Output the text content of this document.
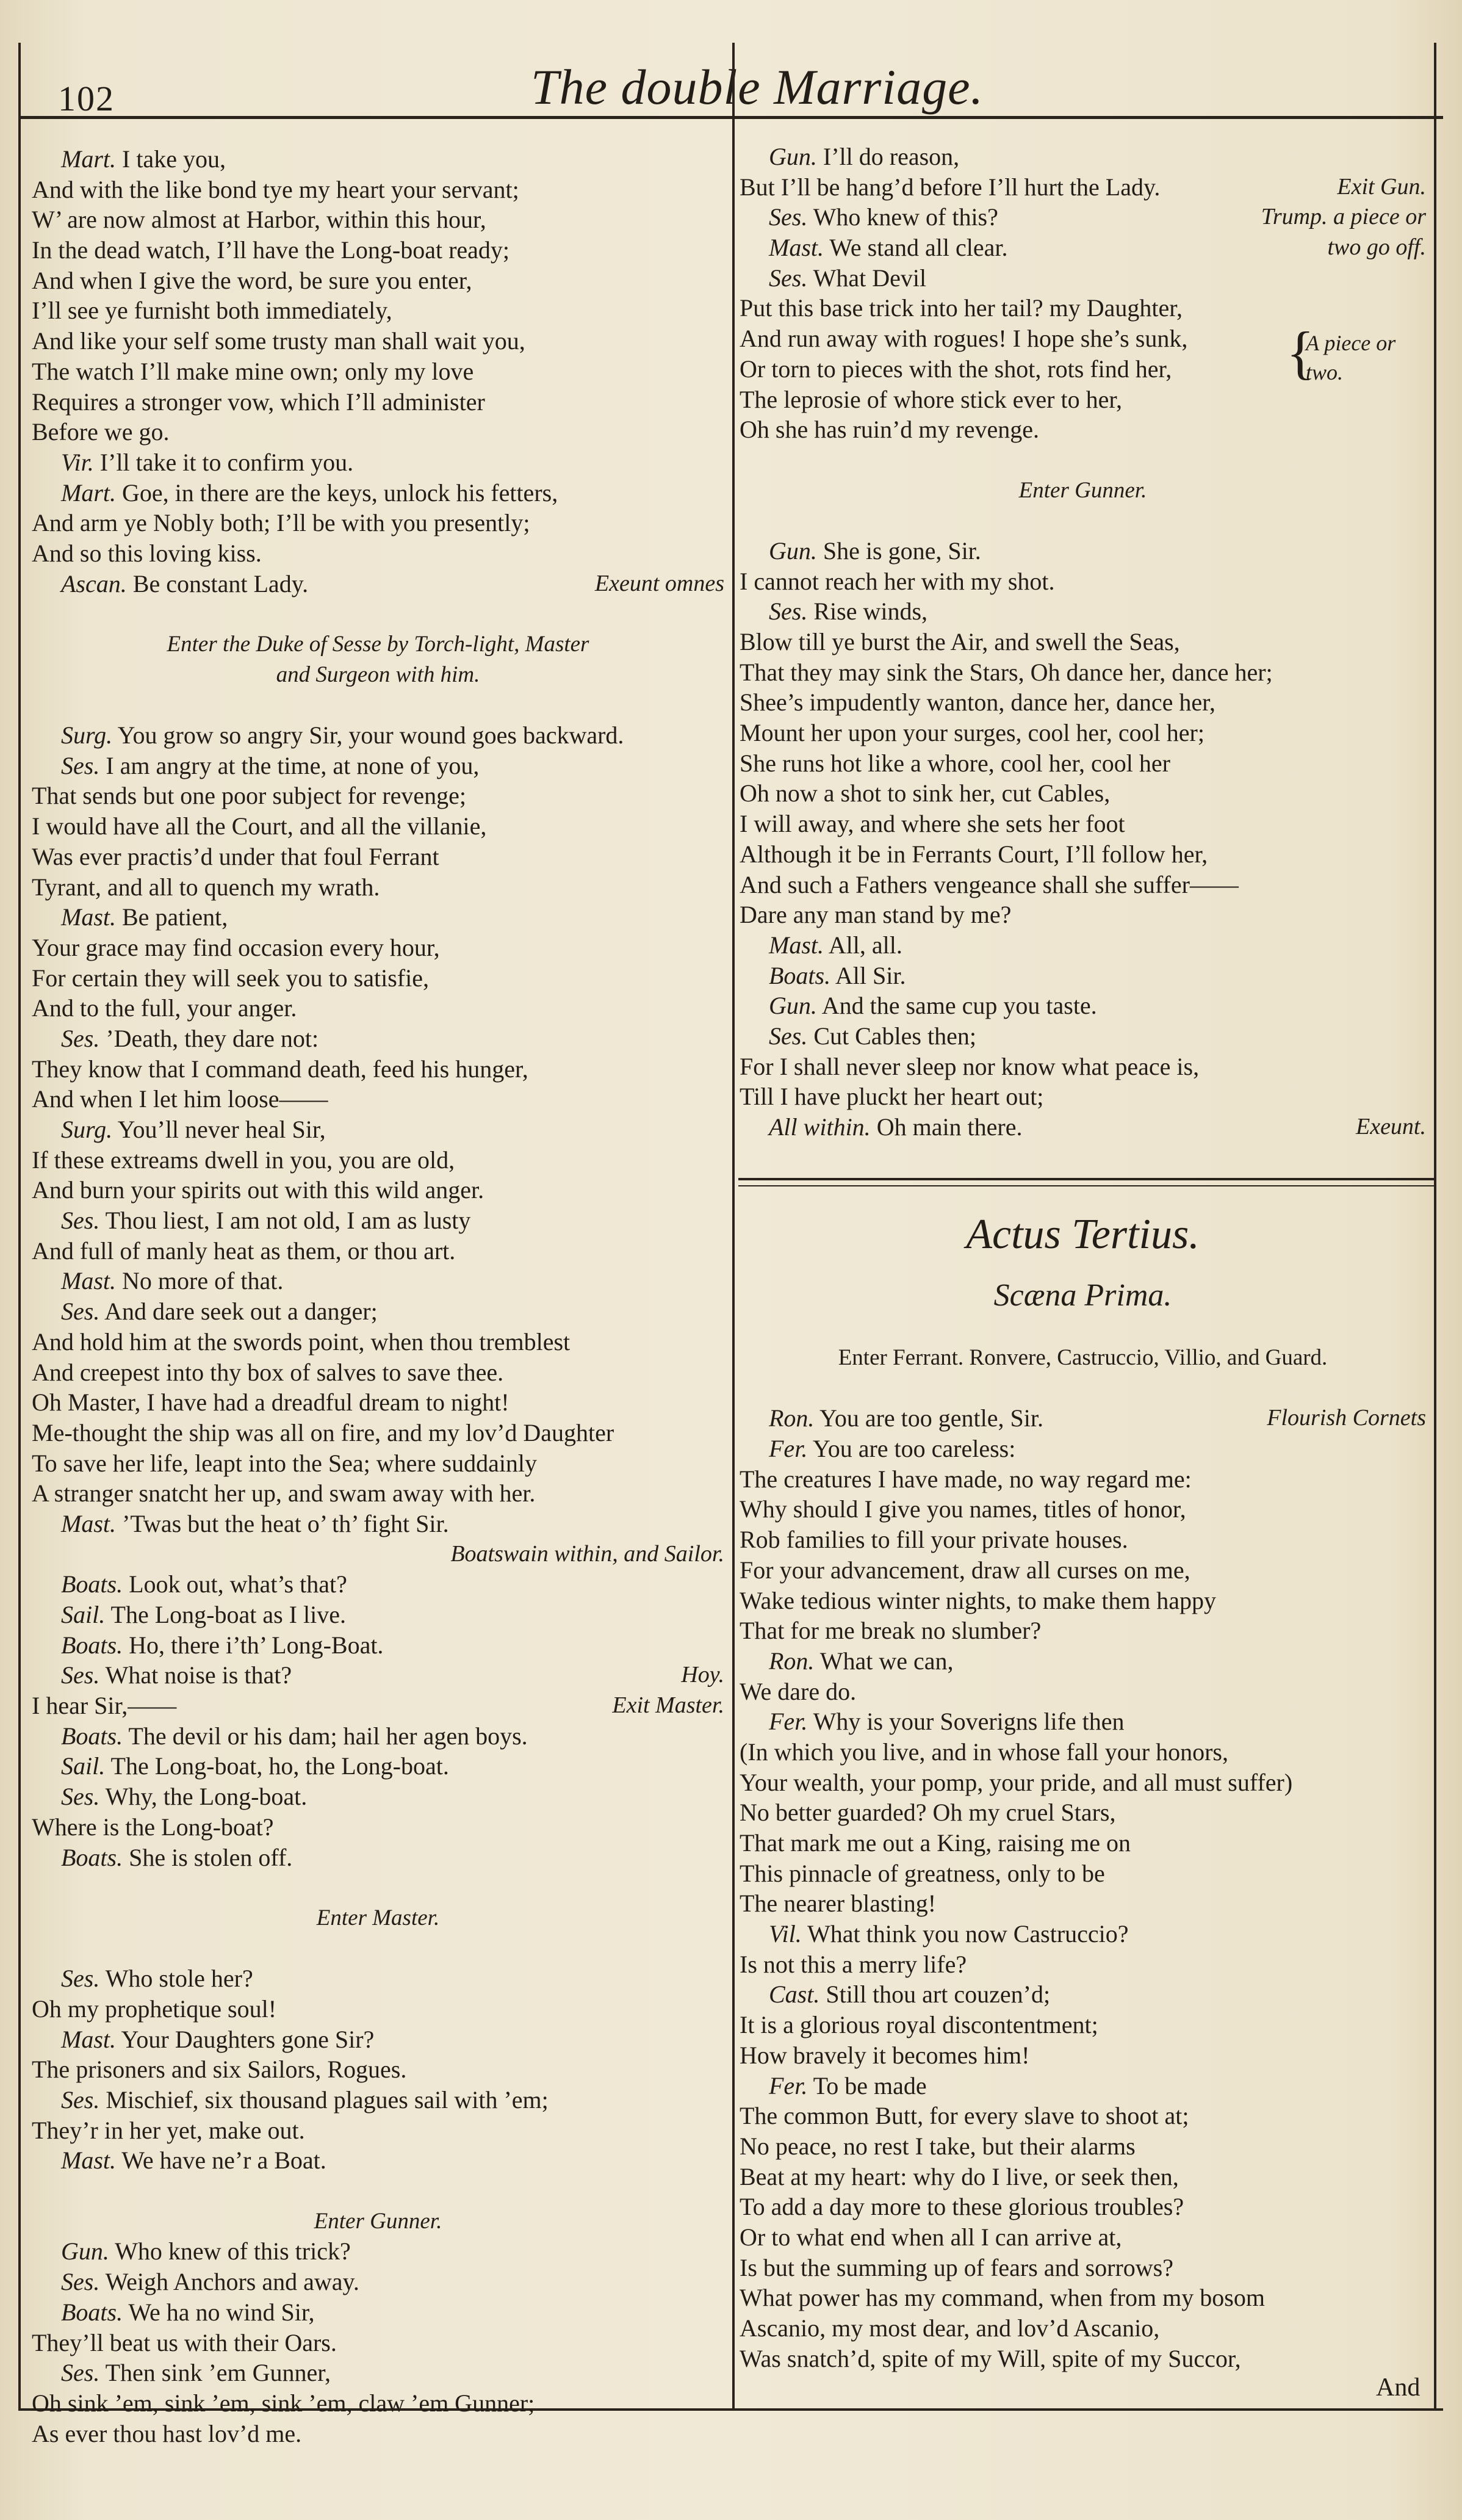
102	The double Marriage.
Mart. I take you,
And with the like bond tye my heart your servant;
W’ are now almost at Harbor, within this hour,
In the dead watch, I’ll have the Long-boat ready;
And when I give the word, be sure you enter,
I’ll see ye furnisht both immediately,
And like your self some trusty man shall wait you,
The watch I’ll make mine own; only my love
Requires a stronger vow, which I’ll administer
Before we go.
Vir. I’ll take it to confirm you.
Mart. Goe, in there are the keys, unlock his fetters,
And arm ye Nobly both; I’ll be with you presently;
And so this loving kiss.
Ascan. Be constant Lady.	Exeunt omnes
Enter the Duke of Sesse by Torch-light, Master
and Surgeon with him.
Surg. You grow so angry Sir, your wound goes backward.
Ses. I am angry at the time, at none of you,
That sends but one poor subject for revenge;
I would have all the Court, and all the villanie,
Was ever practis’d under that foul Ferrant
Tyrant, and all to quench my wrath.
Mast. Be patient,
Your grace may find occasion every hour,
For certain they will seek you to satisfie,
And to the full, your anger.
Ses. ’Death, they dare not:
They know that I command death, feed his hunger,
And when I let him loose——
Surg. You’ll never heal Sir,
If these extreams dwell in you, you are old,
And burn your spirits out with this wild anger.
Ses. Thou liest, I am not old, I am as lusty
And full of manly heat as them, or thou art.
Mast. No more of that.
Ses. And dare seek out a danger;
And hold him at the swords point, when thou tremblest
And creepest into thy box of salves to save thee.
Oh Master, I have had a dreadful dream to night!
Me-thought the ship was all on fire, and my lov’d Daughter
To save her life, leapt into the Sea; where suddainly
A stranger snatcht her up, and swam away with her.
Mast. ’Twas but the heat o’ th’ fight Sir.
Boatswain within, and Sailor.
Boats. Look out, what’s that?
Sail. The Long-boat as I live.
Boats. Ho, there i’th’ Long-Boat.
Ses. What noise is that?	Hoy.
I hear Sir,——	Exit Master.
Boats. The devil or his dam; hail her agen boys.
Sail. The Long-boat, ho, the Long-boat.
Ses. Why, the Long-boat.
Where is the Long-boat?
Boats. She is stolen off.
Enter Master.
Ses. Who stole her?
Oh my prophetique soul!
Mast. Your Daughters gone Sir?
The prisoners and six Sailors, Rogues.
Ses. Mischief, six thousand plagues sail with ’em;
They’r in her yet, make out.
Mast. We have ne’r a Boat.
Enter Gunner.
Gun. Who knew of this trick?
Ses. Weigh Anchors and away.
Boats. We ha no wind Sir,
They’ll beat us with their Oars.
Ses. Then sink ’em Gunner,
Oh sink ’em, sink ’em, sink ’em, claw ’em Gunner;
As ever thou hast lov’d me.
Gun. I’ll do reason,
But I’ll be hang’d before I’ll hurt the Lady.	Exit Gun.
Ses. Who knew of this?	Trump. a piece or
Mast. We stand all clear.	two go off.
Ses. What Devil
Put this base trick into her tail? my Daughter,
And run away with rogues! I hope she’s sunk,
Or torn to pieces with the shot, rots find her,
The leprosie of whore stick ever to her,
Oh she has ruin’d my revenge.
Enter Gunner.
Gun. She is gone, Sir.
I cannot reach her with my shot.
Ses. Rise winds,
Blow till ye burst the Air, and swell the Seas,
That they may sink the Stars, Oh dance her, dance her;
Shee’s impudently wanton, dance her, dance her,
Mount her upon your surges, cool her, cool her;
She runs hot like a whore, cool her, cool her
Oh now a shot to sink her, cut Cables,
I will away, and where she sets her foot
Although it be in Ferrants Court, I’ll follow her,
And such a Fathers vengeance shall she suffer——
Dare any man stand by me?
Mast. All, all.
Boats. All Sir.
Gun. And the same cup you taste.
Ses. Cut Cables then;
For I shall never sleep nor know what peace is,
Till I have pluckt her heart out;
All within. Oh main there.	Exeunt.
{
A piece or
two.
Actus Tertius.
Scæna Prima.
Enter Ferrant. Ronvere, Castruccio, Villio, and Guard.
Ron. You are too gentle, Sir.	Flourish Cornets
Fer. You are too careless:
The creatures I have made, no way regard me:
Why should I give you names, titles of honor,
Rob families to fill your private houses.
For your advancement, draw all curses on me,
Wake tedious winter nights, to make them happy
That for me break no slumber?
Ron. What we can,
We dare do.
Fer. Why is your Soverigns life then
(In which you live, and in whose fall your honors,
Your wealth, your pomp, your pride, and all must suffer)
No better guarded? Oh my cruel Stars,
That mark me out a King, raising me on
This pinnacle of greatness, only to be
The nearer blasting!
Vil. What think you now Castruccio?
Is not this a merry life?
Cast. Still thou art couzen’d;
It is a glorious royal discontentment;
How bravely it becomes him!
Fer. To be made
The common Butt, for every slave to shoot at;
No peace, no rest I take, but their alarms
Beat at my heart: why do I live, or seek then,
To add a day more to these glorious troubles?
Or to what end when all I can arrive at,
Is but the summing up of fears and sorrows?
What power has my command, when from my bosom
Ascanio, my most dear, and lov’d Ascanio,
Was snatch’d, spite of my Will, spite of my Succor,
And
